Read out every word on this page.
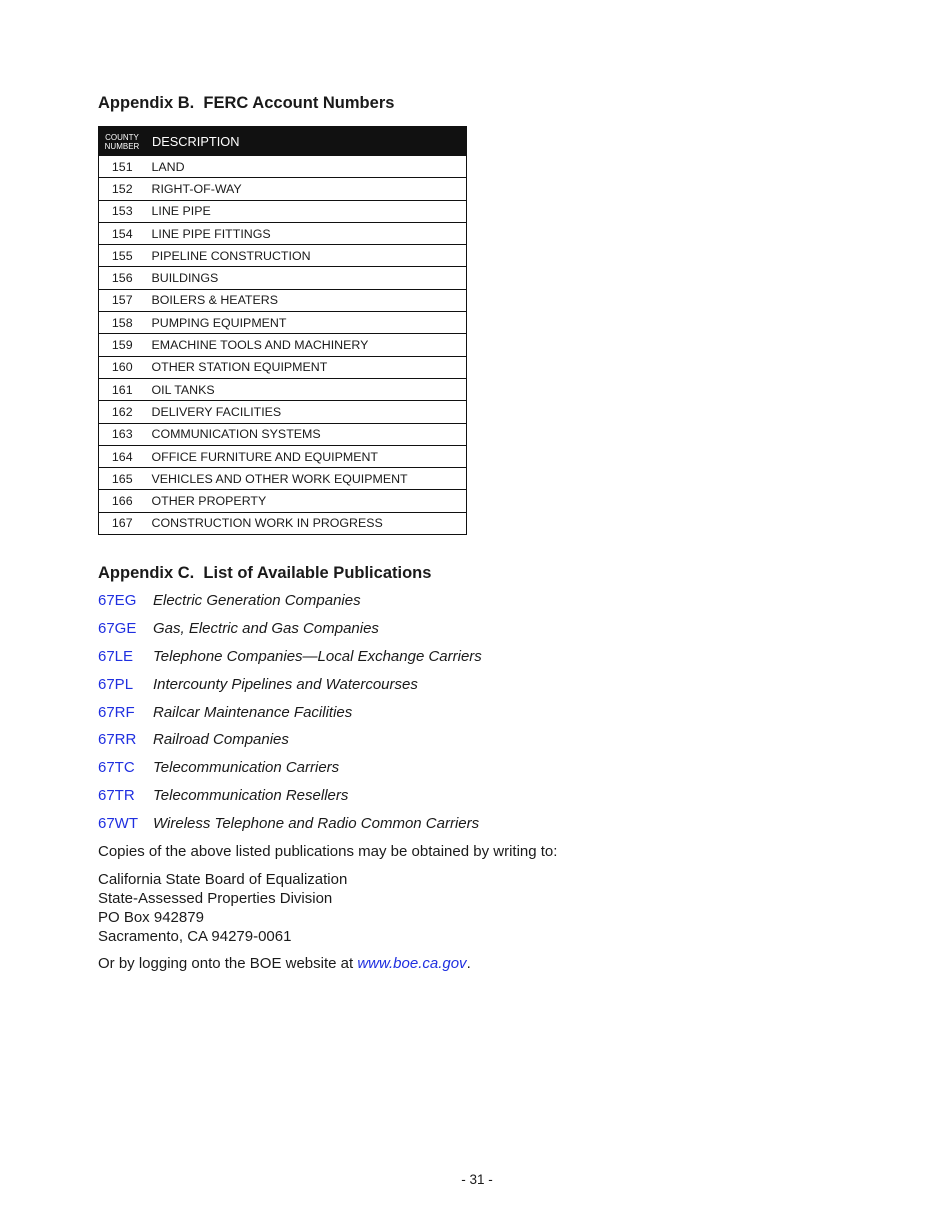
Appendix B.  FERC Account Numbers
COUNTY
NUMBER	DESCRIPTION
151	LAND
152	RIGHT-OF-WAY
153	LINE PIPE
154	LINE PIPE FITTINGS
155	PIPELINE CONSTRUCTION
156	BUILDINGS
157	BOILERS & HEATERS
158	PUMPING EQUIPMENT
159	EMACHINE TOOLS AND MACHINERY
160	OTHER STATION EQUIPMENT
161	OIL TANKS
162	DELIVERY FACILITIES
163	COMMUNICATION SYSTEMS
164	OFFICE FURNITURE AND EQUIPMENT
165	VEHICLES AND OTHER WORK EQUIPMENT
166	OTHER PROPERTY
167	CONSTRUCTION WORK IN PROGRESS
Appendix C.  List of Available Publications
67EG Electric Generation Companies
67GE Gas, Electric and Gas Companies
67LE Telephone Companies—Local Exchange Carriers
67PL Intercounty Pipelines and Watercourses
67RF Railcar Maintenance Facilities
67RR Railroad Companies
67TC Telecommunication Carriers
67TR Telecommunication Resellers
67WT Wireless Telephone and Radio Common Carriers

Copies of the above listed publications may be obtained by writing to:

California State Board of Equalization
State-Assessed Properties Division
PO Box 942879
Sacramento, CA 94279-0061

Or by logging onto the BOE website at www.boe.ca.gov.

- 31 -
